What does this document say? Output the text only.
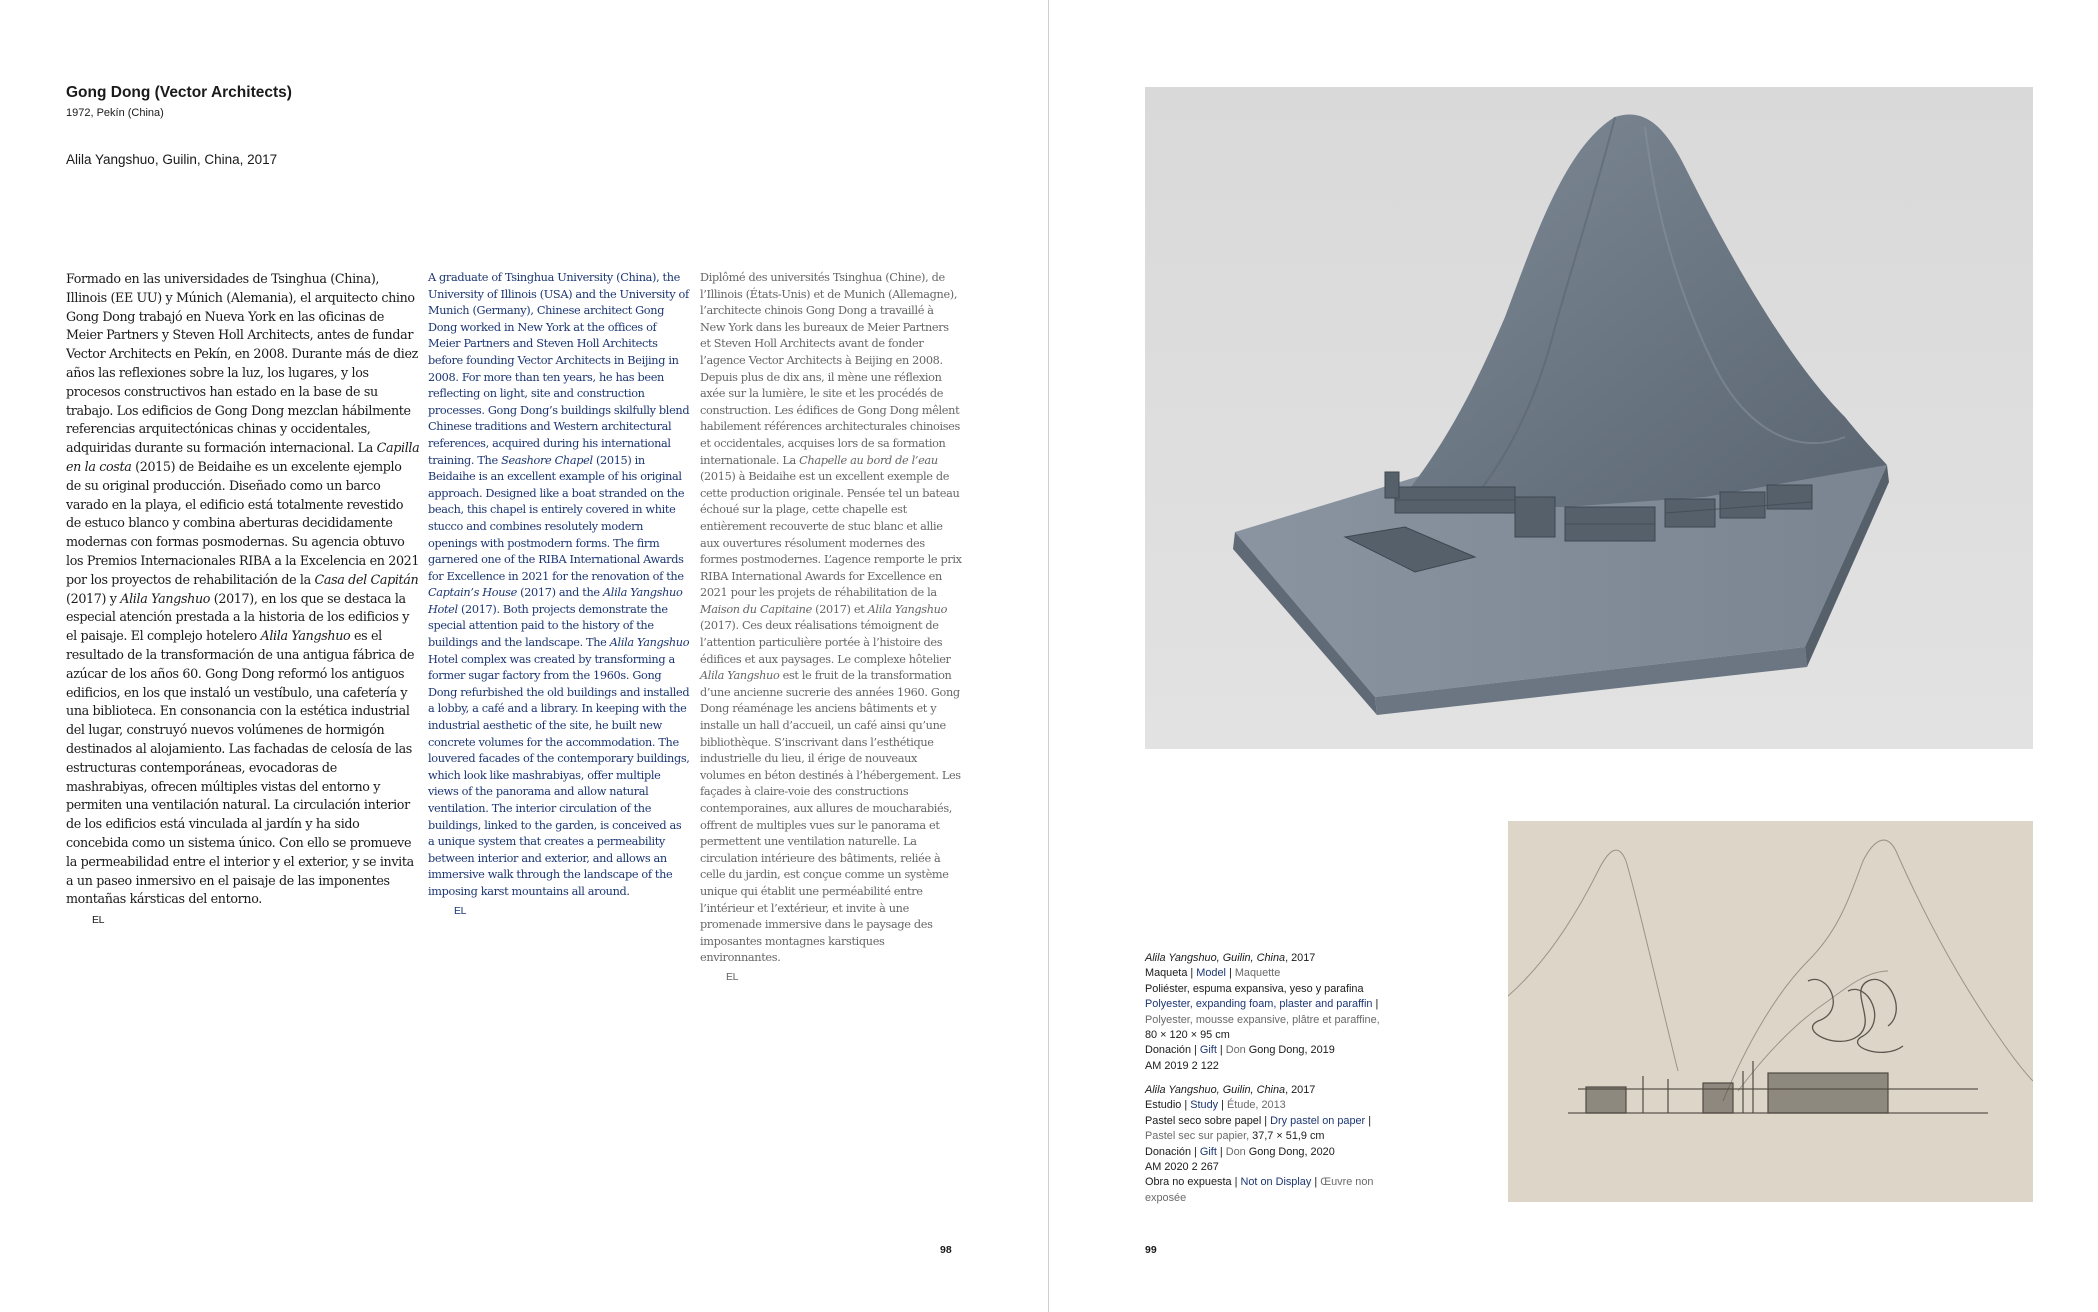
Gong Dong (Vector Architects)
1972, Pekín (China)
Alila Yangshuo, Guilin, China, 2017

Formado en las universidades de Tsinghua (China), Illinois (EE UU) y Múnich (Alemania), el arquitecto chino Gong Dong trabajó en Nueva York en las oficinas de Meier Partners y Steven Holl Architects, antes de fundar Vector Architects en Pekín, en 2008. Durante más de diez años las reflexiones sobre la luz, los lugares, y los procesos constructivos han estado en la base de su trabajo. Los edificios de Gong Dong mezclan hábilmente referencias arquitectónicas chinas y occidentales, adquiridas durante su formación internacional. La Capilla en la costa (2015) de Beidaihe es un excelente ejemplo de su original producción. Diseñado como un barco varado en la playa, el edificio está totalmente revestido de estuco blanco y combina aberturas decididamente modernas con formas posmodernas. Su agencia obtuvo los Premios Internacionales RIBA a la Excelencia en 2021 por los proyectos de rehabilitación de la Casa del Capitán (2017) y Alila Yangshuo (2017), en los que se destaca la especial atención prestada a la historia de los edificios y el paisaje. El complejo hotelero Alila Yangshuo es el resultado de la transformación de una antigua fábrica de azúcar de los años 60. Gong Dong reformó los antiguos edificios, en los que instaló un vestíbulo, una cafetería y una biblioteca. En consonancia con la estética industrial del lugar, construyó nuevos volúmenes de hormigón destinados al alojamiento. Las fachadas de celosía de las estructuras contemporáneas, evocadoras de mashrabiyas, ofrecen múltiples vistas del entorno y permiten una ventilación natural. La circulación interior de los edificios está vinculada al jardín y ha sido concebida como un sistema único. Con ello se promueve la permeabilidad entre el interior y el exterior, y se invita a un paseo inmersivo en el paisaje de las imponentes montañas kársticas del entorno.

EL

A graduate of Tsinghua University (China), the University of Illinois (USA) and the University of Munich (Germany), Chinese architect Gong Dong worked in New York at the offices of Meier Partners and Steven Holl Architects before founding Vector Architects in Beijing in 2008. For more than ten years, he has been reflecting on light, site and construction processes. Gong Dong’s buildings skilfully blend Chinese traditions and Western architectural references, acquired during his international training. The Seashore Chapel (2015) in Beidaihe is an excellent example of his original approach. Designed like a boat stranded on the beach, this chapel is entirely covered in white stucco and combines resolutely modern openings with postmodern forms. The firm garnered one of the RIBA International Awards for Excellence in 2021 for the renovation of the Captain’s House (2017) and the Alila Yangshuo Hotel (2017). Both projects demonstrate the special attention paid to the history of the buildings and the landscape. The Alila Yangshuo Hotel complex was created by transforming a former sugar factory from the 1960s. Gong Dong refurbished the old buildings and installed a lobby, a café and a library. In keeping with the industrial aesthetic of the site, he built new concrete volumes for the accommodation. The louvered facades of the contemporary buildings, which look like mashrabiyas, offer multiple views of the panorama and allow natural ventilation. The interior circulation of the buildings, linked to the garden, is conceived as a unique system that creates a permeability between interior and exterior, and allows an immersive walk through the landscape of the imposing karst mountains all around.

EL

Diplômé des universités Tsinghua (Chine), de l’Illinois (États-Unis) et de Munich (Allemagne), l’architecte chinois Gong Dong a travaillé à New York dans les bureaux de Meier Partners et Steven Holl Architects avant de fonder l’agence Vector Architects à Beijing en 2008. Depuis plus de dix ans, il mène une réflexion axée sur la lumière, le site et les procédés de construction. Les édifices de Gong Dong mêlent habilement références architecturales chinoises et occidentales, acquises lors de sa formation internationale. La Chapelle au bord de l’eau (2015) à Beidaihe est un excellent exemple de cette production originale. Pensée tel un bateau échoué sur la plage, cette chapelle est entièrement recouverte de stuc blanc et allie aux ouvertures résolument modernes des formes postmodernes. L’agence remporte le prix RIBA International Awards for Excellence en 2021 pour les projets de réhabilitation de la Maison du Capitaine (2017) et Alila Yangshuo (2017). Ces deux réalisations témoignent de l’attention particulière portée à l’histoire des édifices et aux paysages. Le complexe hôtelier Alila Yangshuo est le fruit de la transformation d’une ancienne sucrerie des années 1960. Gong Dong réaménage les anciens bâtiments et y installe un hall d’accueil, un café ainsi qu’une bibliothèque. S’inscrivant dans l’esthétique industrielle du lieu, il érige de nouveaux volumes en béton destinés à l’hébergement. Les façades à claire-voie des constructions contemporaines, aux allures de moucharabiés, offrent de multiples vues sur le panorama et permettent une ventilation naturelle. La circulation intérieure des bâtiments, reliée à celle du jardin, est conçue comme un système unique qui établit une perméabilité entre l’intérieur et l’extérieur, et invite à une promenade immersive dans le paysage des imposantes montagnes karstiques environnantes.

EL
98
Alila Yangshuo, Guilin, China, 2017
Maqueta | Model | Maquette
Poliéster, espuma expansiva, yeso y parafina
Polyester, expanding foam, plaster and paraffin |
Polyester, mousse expansive, plâtre et paraffine,
80 × 120 × 95 cm
Donación | Gift | Don Gong Dong, 2019
AM 2019 2 122
Alila Yangshuo, Guilin, China, 2017
Estudio | Study | Étude, 2013
Pastel seco sobre papel | Dry pastel on paper |
Pastel sec sur papier, 37,7 × 51,9 cm
Donación | Gift | Don Gong Dong, 2020
AM 2020 2 267
Obra no expuesta | Not on Display | Œuvre non
exposée
99
